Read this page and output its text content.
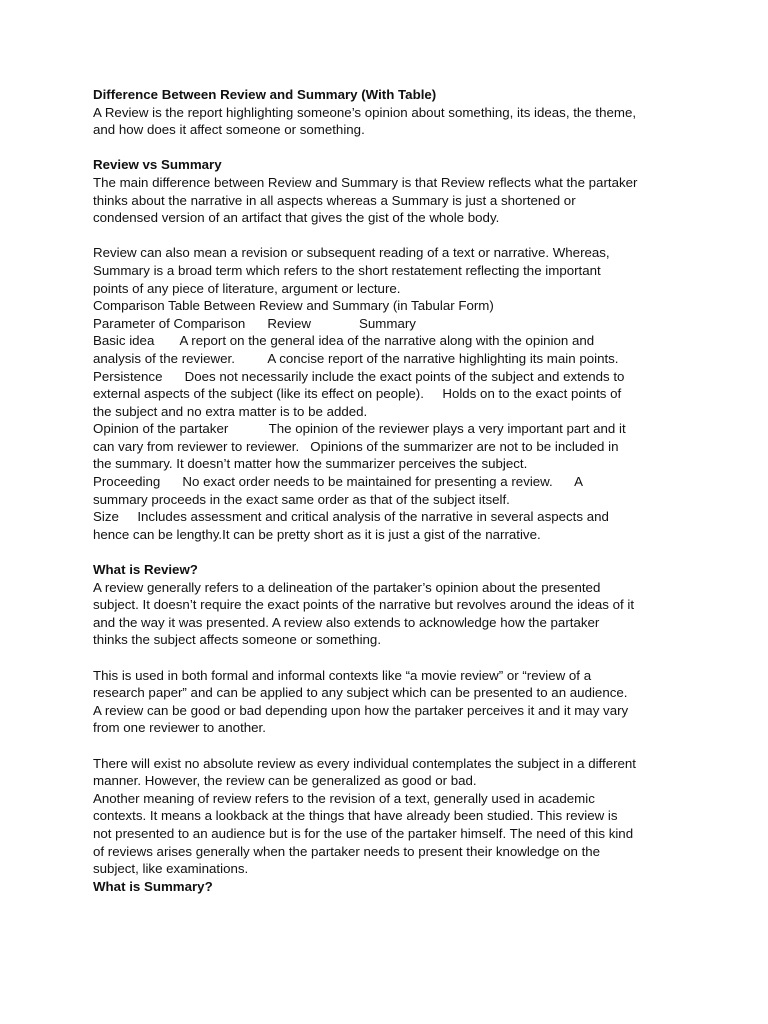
Difference Between Review and Summary (With Table)
A Review is the report highlighting someone’s opinion about something, its ideas, the theme,
and how does it affect someone or something.
Review vs Summary
The main difference between Review and Summary is that Review reflects what the partaker
thinks about the narrative in all aspects whereas a Summary is just a shortened or
condensed version of an artifact that gives the gist of the whole body.
Review can also mean a revision or subsequent reading of a text or narrative. Whereas,
Summary is a broad term which refers to the short restatement reflecting the important
points of any piece of literature, argument or lecture.
Comparison Table Between Review and Summary (in Tabular Form)
Parameter of Comparison      Review             Summary
Basic idea       A report on the general idea of the narrative along with the opinion and
analysis of the reviewer.         A concise report of the narrative highlighting its main points.
Persistence      Does not necessarily include the exact points of the subject and extends to
external aspects of the subject (like its effect on people).     Holds on to the exact points of
the subject and no extra matter is to be added.
Opinion of the partaker           The opinion of the reviewer plays a very important part and it
can vary from reviewer to reviewer.   Opinions of the summarizer are not to be included in
the summary. It doesn’t matter how the summarizer perceives the subject.
Proceeding      No exact order needs to be maintained for presenting a review.      A
summary proceeds in the exact same order as that of the subject itself.
Size     Includes assessment and critical analysis of the narrative in several aspects and
hence can be lengthy.It can be pretty short as it is just a gist of the narrative.
What is Review?
A review generally refers to a delineation of the partaker’s opinion about the presented
subject. It doesn’t require the exact points of the narrative but revolves around the ideas of it
and the way it was presented. A review also extends to acknowledge how the partaker
thinks the subject affects someone or something.
This is used in both formal and informal contexts like “a movie review” or “review of a
research paper” and can be applied to any subject which can be presented to an audience.
A review can be good or bad depending upon how the partaker perceives it and it may vary
from one reviewer to another.
There will exist no absolute review as every individual contemplates the subject in a different
manner. However, the review can be generalized as good or bad.
Another meaning of review refers to the revision of a text, generally used in academic
contexts. It means a lookback at the things that have already been studied. This review is
not presented to an audience but is for the use of the partaker himself. The need of this kind
of reviews arises generally when the partaker needs to present their knowledge on the
subject, like examinations.
What is Summary?
